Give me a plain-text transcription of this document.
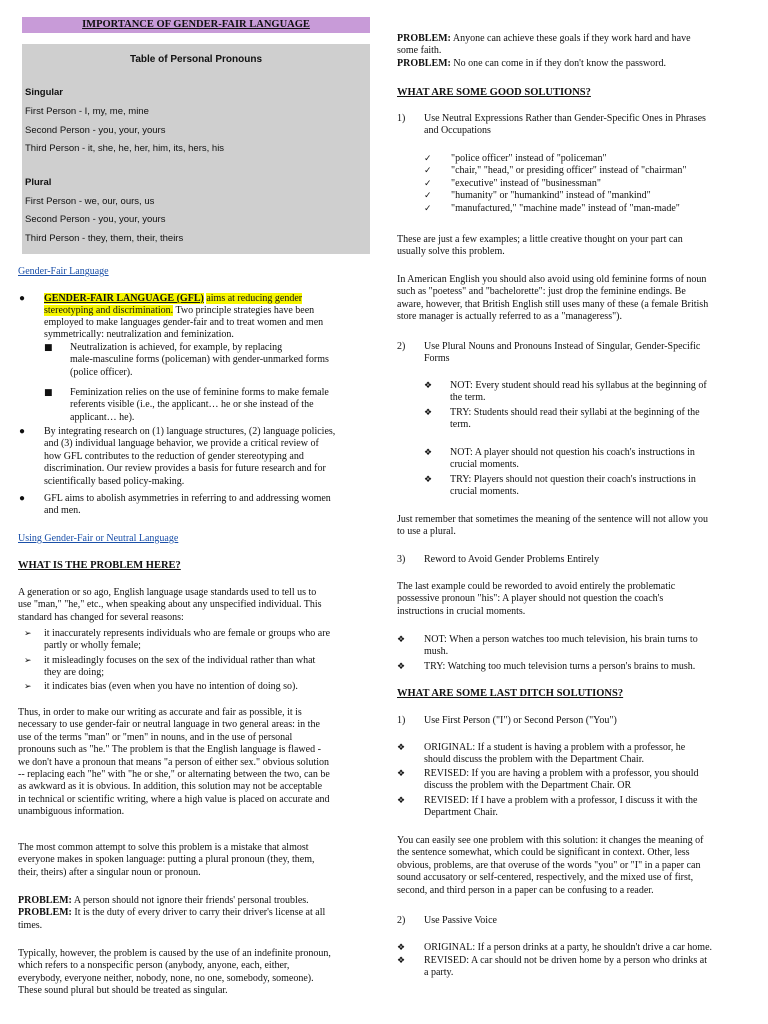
IMPORTANCE OF GENDER-FAIR LANGUAGE
Table of Personal Pronouns
Singular
First Person - I, my, me, mine
Second Person - you, your, yours
Third Person - it, she, he, her, him, its, hers, his
Plural
First Person - we, our, ours, us
Second Person - you, your, yours
Third Person - they, them, their, theirs
Gender-Fair Language
● GENDER-FAIR LANGUAGE (GFL) aims at reducing gender
stereotyping and discrimination. Two principle strategies have been
employed to make languages gender-fair and to treat women and men
symmetrically: neutralization and feminization.
■ Neutralization is achieved, for example, by replacing
male-masculine forms (policeman) with gender-unmarked forms
(police officer).
■ Feminization relies on the use of feminine forms to make female
referents visible (i.e., the applicant… he or she instead of the
applicant… he).
● By integrating research on (1) language structures, (2) language policies,
and (3) individual language behavior, we provide a critical review of
how GFL contributes to the reduction of gender stereotyping and
discrimination. Our review provides a basis for future research and for
scientifically based policy-making.
● GFL aims to abolish asymmetries in referring to and addressing women
and men.
Using Gender-Fair or Neutral Language
WHAT IS THE PROBLEM HERE?
A generation or so ago, English language usage standards used to tell us to
use "man," "he," etc., when speaking about any unspecified individual. This
standard has changed for several reasons:
➢ it inaccurately represents individuals who are female or groups who are
partly or wholly female;
➢ it misleadingly focuses on the sex of the individual rather than what
they are doing;
➢ it indicates bias (even when you have no intention of doing so).
Thus, in order to make our writing as accurate and fair as possible, it is
necessary to use gender-fair or neutral language in two general areas: in the
use of the terms "man" or "men" in nouns, and in the use of personal
pronouns such as "he." The problem is that the English language is flawed -
we don't have a pronoun that means "a person of either sex." obvious solution
-- replacing each "he" with "he or she," or alternating between the two, can be
as awkward as it is obvious. In addition, this solution may not be acceptable
in technical or scientific writing, where a high value is placed on accurate and
unambiguous information.
The most common attempt to solve this problem is a mistake that almost
everyone makes in spoken language: putting a plural pronoun (they, them,
their, theirs) after a singular noun or pronoun.
PROBLEM: A person should not ignore their friends' personal troubles.
PROBLEM: It is the duty of every driver to carry their driver's license at all
times.
Typically, however, the problem is caused by the use of an indefinite pronoun,
which refers to a nonspecific person (anybody, anyone, each, either,
everybody, everyone neither, nobody, none, no one, somebody, someone).
These sound plural but should be treated as singular.
PROBLEM: Anyone can achieve these goals if they work hard and have
some faith.
PROBLEM: No one can come in if they don't know the password.
WHAT ARE SOME GOOD SOLUTIONS?
1) Use Neutral Expressions Rather than Gender-Specific Ones in Phrases
and Occupations
✓ "police officer" instead of "policeman"
✓ "chair," "head," or presiding officer" instead of "chairman"
✓ "executive" instead of "businessman"
✓ "humanity" or "humankind" instead of "mankind"
✓ "manufactured," "machine made" instead of "man-made"
These are just a few examples; a little creative thought on your part can
usually solve this problem.
In American English you should also avoid using old feminine forms of noun
such as "poetess" and "bachelorette": just drop the feminine endings. Be
aware, however, that British English still uses many of these (a female British
store manager is actually referred to as a "manageress").
2) Use Plural Nouns and Pronouns Instead of Singular, Gender-Specific
Forms
❖ NOT: Every student should read his syllabus at the beginning of
the term.
❖ TRY: Students should read their syllabi at the beginning of the
term.
❖ NOT: A player should not question his coach's instructions in
crucial moments.
❖ TRY: Players should not question their coach's instructions in
crucial moments.
Just remember that sometimes the meaning of the sentence will not allow you
to use a plural.
3) Reword to Avoid Gender Problems Entirely
The last example could be reworded to avoid entirely the problematic
possessive pronoun "his": A player should not question the coach's
instructions in crucial moments.
❖ NOT: When a person watches too much television, his brain turns to
mush.
❖ TRY: Watching too much television turns a person's brains to mush.
WHAT ARE SOME LAST DITCH SOLUTIONS?
1) Use First Person ("I") or Second Person ("You")
❖ ORIGINAL: If a student is having a problem with a professor, he
should discuss the problem with the Department Chair.
❖ REVISED: If you are having a problem with a professor, you should
discuss the problem with the Department Chair. OR
❖ REVISED: If I have a problem with a professor, I discuss it with the
Department Chair.
You can easily see one problem with this solution: it changes the meaning of
the sentence somewhat, which could be significant in context. Other, less
obvious, problems, are that overuse of the words "you" or "I" in a paper can
sound accusatory or self-centered, respectively, and the mixed use of first,
second, and third person in a paper can be confusing to a reader.
2) Use Passive Voice
❖ ORIGINAL: If a person drinks at a party, he shouldn't drive a car home.
❖ REVISED: A car should not be driven home by a person who drinks at
a party.
